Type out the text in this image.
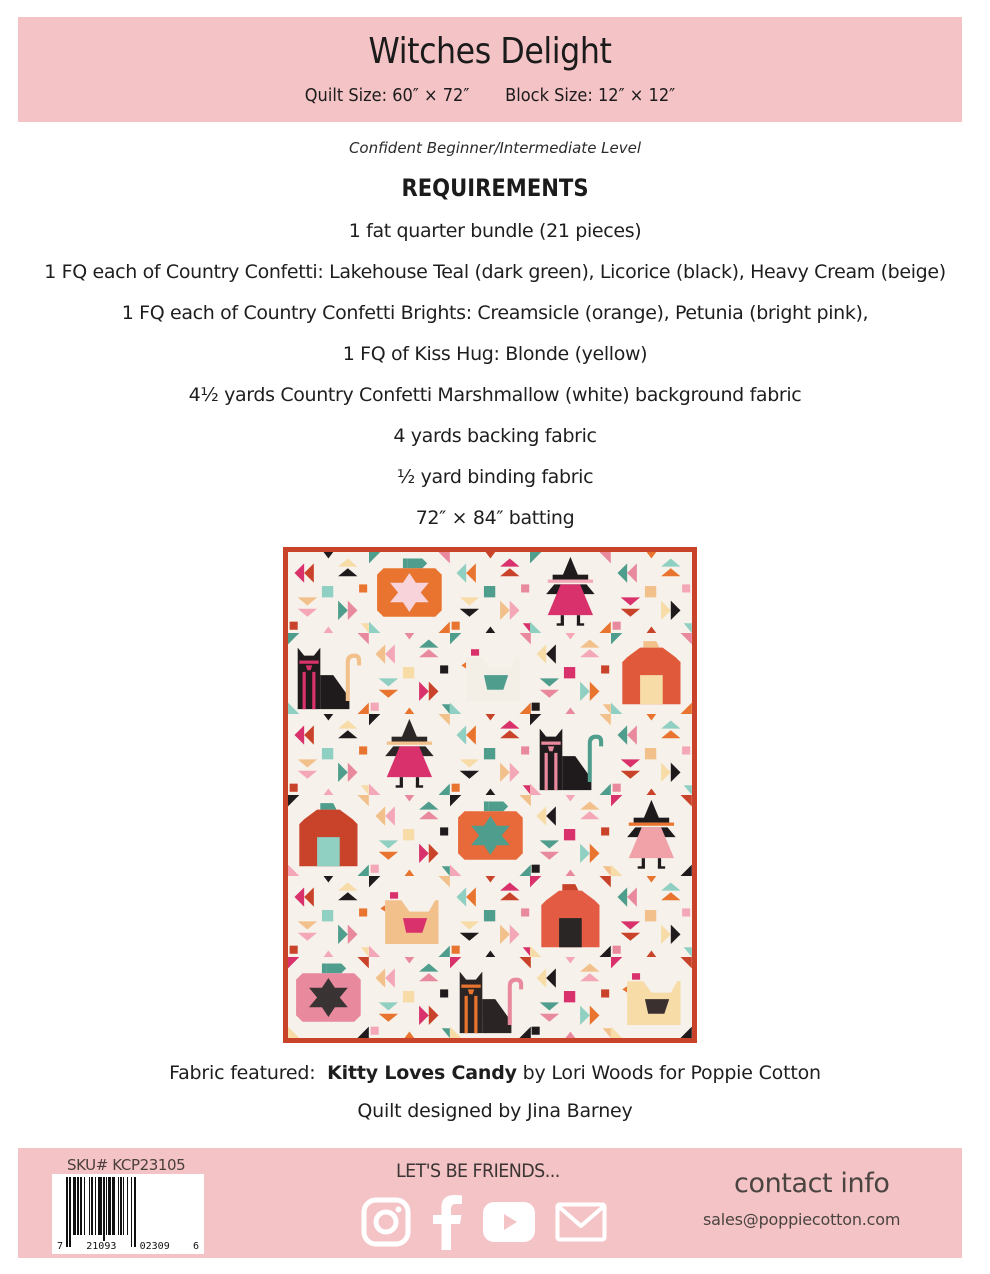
Witches Delight
Quilt Size: 60″ × 72″ Block Size: 12″ × 12″
Confident Beginner/Intermediate Level
REQUIREMENTS
1 fat quarter bundle (21 pieces)
1 FQ each of Country Confetti: Lakehouse Teal (dark green), Licorice (black), Heavy Cream (beige)
1 FQ each of Country Confetti Brights: Creamsicle (orange), Petunia (bright pink),
1 FQ of Kiss Hug: Blonde (yellow)
4½ yards Country Confetti Marshmallow (white) background fabric
4 yards backing fabric
½ yard binding fabric
72″ × 84″ batting
Fabric featured: Kitty Loves Candy by Lori Woods for Poppie Cotton
Quilt designed by Jina Barney
SKU# KCP23105
7 21093 02309 6
LET'S BE FRIENDS...	contact info
sales@poppiecotton.com
